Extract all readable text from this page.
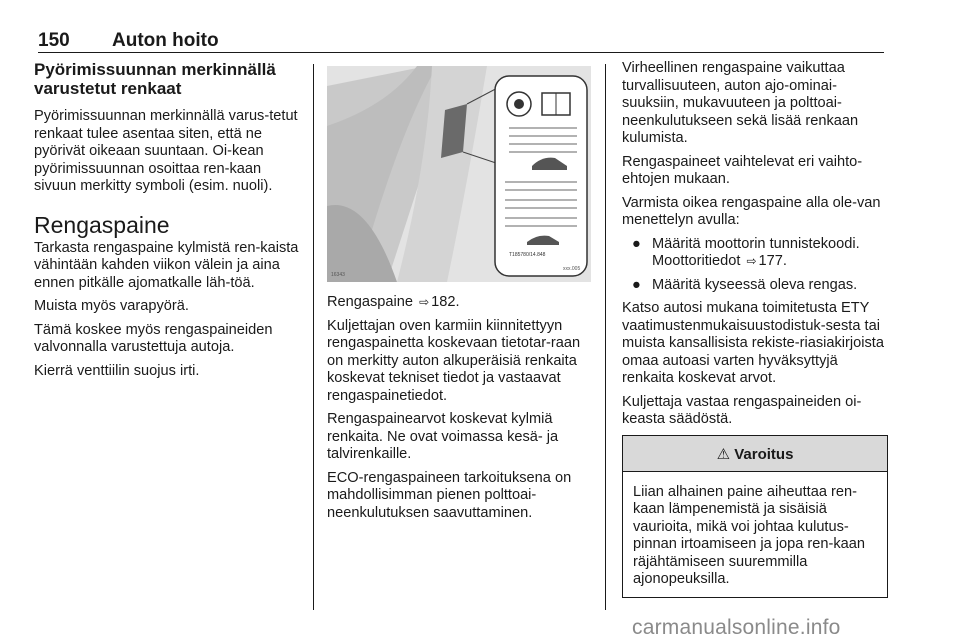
150 Auton hoito
Pyörimissuunnan merkinnällä varustetut renkaat

Pyörimissuunnan merkinnällä varus-tetut renkaat tulee asentaa siten, että ne pyörivät oikeaan suuntaan. Oi-kean pyörimissuunnan osoittaa ren-kaan sivuun merkitty symboli (esim. nuoli).

Rengaspaine

Tarkasta rengaspaine kylmistä ren-kaista vähintään kahden viikon välein ja aina ennen pitkälle ajomatkalle läh-töä.

Muista myös varapyörä.

Tämä koskee myös rengaspaineiden valvonnalla varustettuja autoja.

Kierrä venttiilin suojus irti.

T185780/14.848
16343
xxx.005

Rengaspaine ⇨ 182.

Kuljettajan oven karmiin kiinnitettyyn rengaspainetta koskevaan tietotar-raan on merkitty auton alkuperäisiä renkaita koskevat tekniset tiedot ja vastaavat rengaspainetiedot.

Rengaspainearvot koskevat kylmiä renkaita. Ne ovat voimassa kesä- ja talvirenkaille.

ECO-rengaspaineen tarkoituksena on mahdollisimman pienen polttoai-neenkulutuksen saavuttaminen.

Virheellinen rengaspaine vaikuttaa turvallisuuteen, auton ajo-ominai-suuksiin, mukavuuteen ja polttoai-neenkulutukseen sekä lisää renkaan kulumista.

Rengaspaineet vaihtelevat eri vaihto-ehtojen mukaan.

Varmista oikea rengaspaine alla ole-van menettelyn avulla:

● Määritä moottorin tunnistekoodi. Moottoritiedot ⇨ 177.
● Määritä kyseessä oleva rengas.

Katso autosi mukana toimitetusta ETY vaatimustenmukaisuustodistuk-sesta tai muista kansallisista rekiste-riasiakirjoista omaa autoasi varten hyväksyttyjä renkaita koskevat arvot.

Kuljettaja vastaa rengaspaineiden oi-keasta säädöstä.

⚠ Varoitus

Liian alhainen paine aiheuttaa ren-kaan lämpenemistä ja sisäisiä vaurioita, mikä voi johtaa kulutus-pinnan irtoamiseen ja jopa ren-kaan räjähtämiseen suuremmilla ajonopeuksilla.

carmanualsonline.info
